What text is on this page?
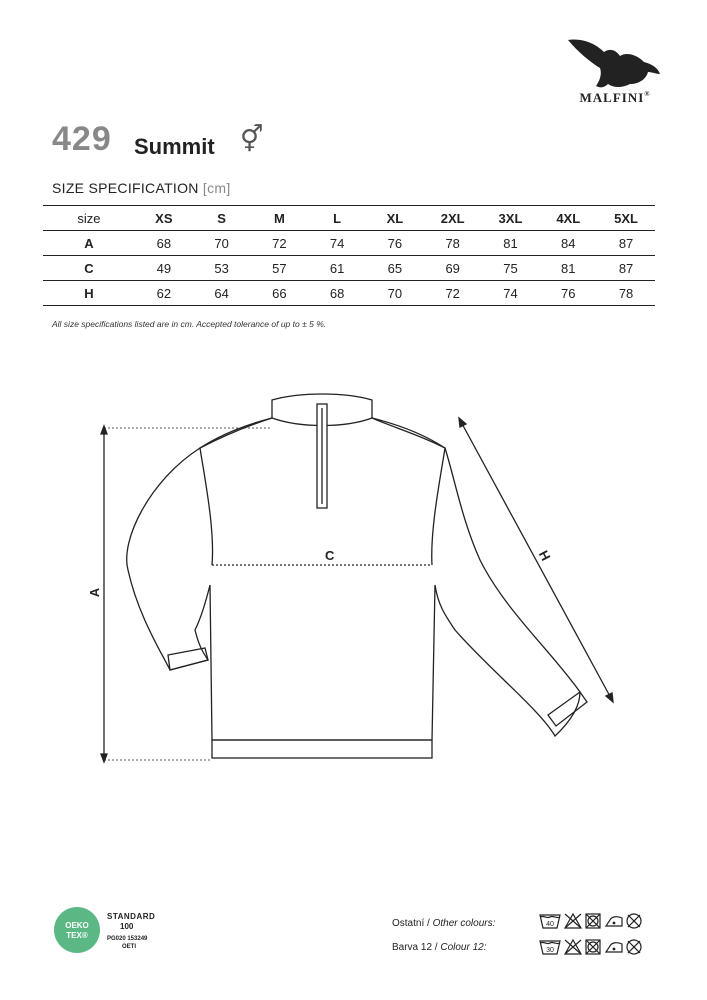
MALFINI®
429 Summit ⚥
SIZE SPECIFICATION [cm]
size	XS	S	M	L	XL	2XL	3XL	4XL	5XL
A	68	70	72	74	76	78	81	84	87
C	49	53	57	61	65	69	75	81	87
H	62	64	66	68	70	72	74	76	78
All size specifications listed are in cm. Accepted tolerance of up to ± 5 %.
A
C	H
OEKO
TEX®
STANDARD
100
PG020 153249
OETI
Ostatní / Other colours:
Barva 12 / Colour 12:
40
30
